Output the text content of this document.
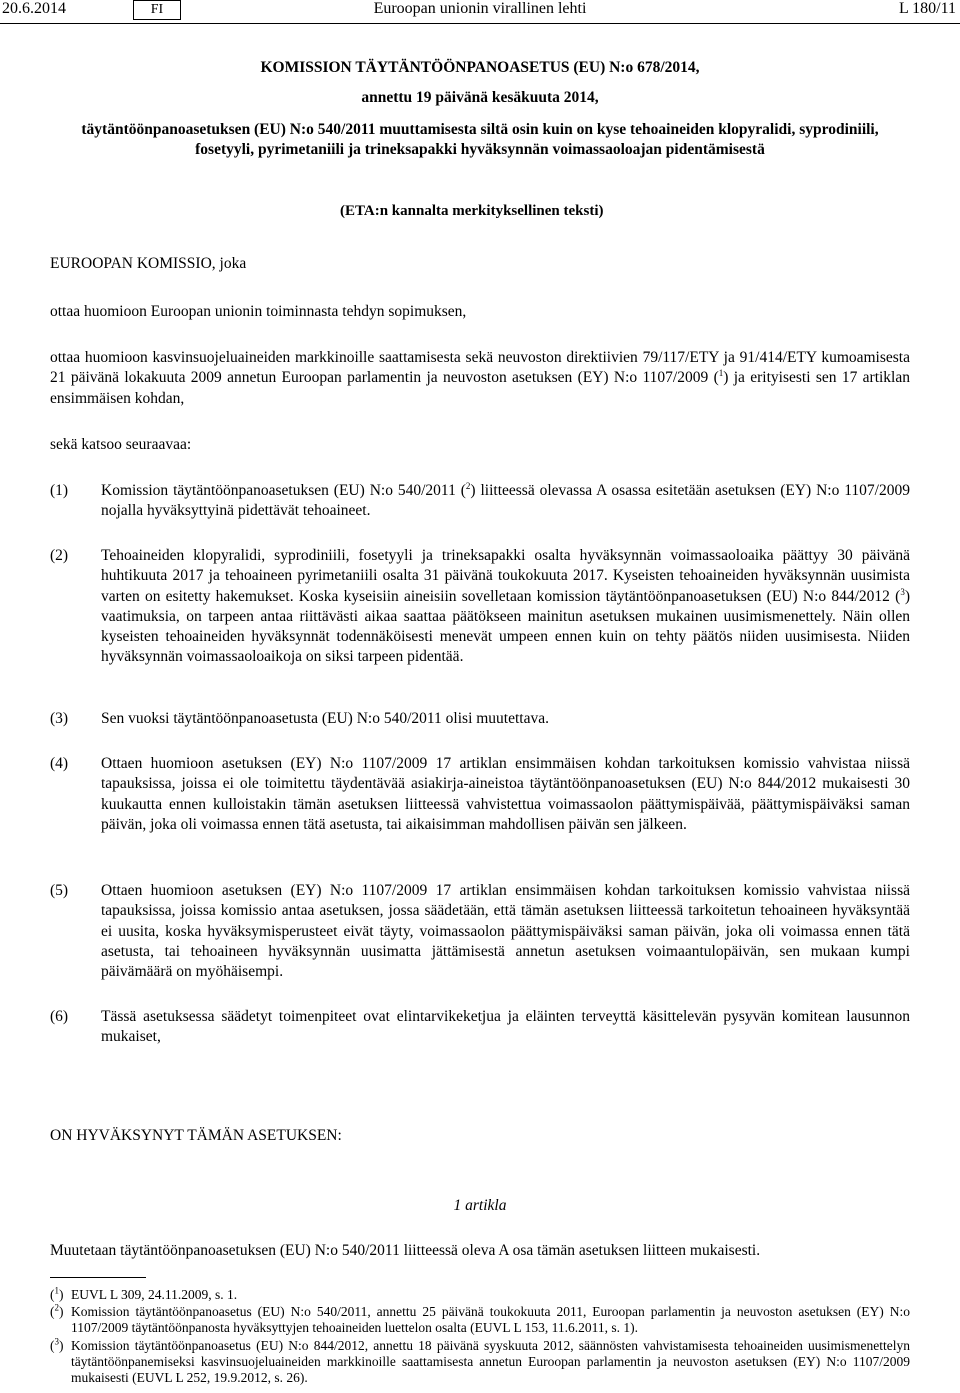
20.6.2014	FI	Euroopan unionin virallinen lehti	L 180/11
KOMISSION TÄYTÄNTÖÖNPANOASETUS (EU) N:o 678/2014,
annettu 19 päivänä kesäkuuta 2014,
täytäntöönpanoasetuksen (EU) N:o 540/2011 muuttamisesta siltä osin kuin on kyse tehoaineiden klopyralidi, syprodiniili, fosetyyli, pyrimetaniili ja trineksapakki hyväksynnän voimassaoloajan pidentämisestä
(ETA:n kannalta merkityksellinen teksti)
EUROOPAN KOMISSIO, joka
ottaa huomioon Euroopan unionin toiminnasta tehdyn sopimuksen,
ottaa huomioon kasvinsuojeluaineiden markkinoille saattamisesta sekä neuvoston direktiivien 79/117/ETY ja 91/414/ETY kumoamisesta 21 päivänä lokakuuta 2009 annetun Euroopan parlamentin ja neuvoston asetuksen (EY) N:o 1107/2009 ($^1$) ja erityisesti sen 17 artiklan ensimmäisen kohdan,
sekä katsoo seuraavaa:
(1) Komission täytäntöönpanoasetuksen (EU) N:o 540/2011 ($^2$) liitteessä olevassa A osassa esitetään asetuksen (EY) N:o 1107/2009 nojalla hyväksyttyinä pidettävät tehoaineet.
(2) Tehoaineiden klopyralidi, syprodiniili, fosetyyli ja trineksapakki osalta hyväksynnän voimassaoloaika päättyy 30 päivänä huhtikuuta 2017 ja tehoaineen pyrimetaniili osalta 31 päivänä toukokuuta 2017. Kyseisten tehoaineiden hyväksynnän uusimista varten on esitetty hakemukset. Koska kyseisiin aineisiin sovelletaan komission täytäntöönpanoasetuksen (EU) N:o 844/2012 ($^3$) vaatimuksia, on tarpeen antaa riittävästi aikaa saattaa päätökseen mainitun asetuksen mukainen uusimismenettely. Näin ollen kyseisten tehoaineiden hyväksynnät todennäköisesti menevät umpeen ennen kuin on tehty päätös niiden uusimisesta. Niiden hyväksynnän voimassaoloaikoja on siksi tarpeen pidentää.
(3) Sen vuoksi täytäntöönpanoasetusta (EU) N:o 540/2011 olisi muutettava.
(4) Ottaen huomioon asetuksen (EY) N:o 1107/2009 17 artiklan ensimmäisen kohdan tarkoituksen komissio vahvistaa niissä tapauksissa, joissa ei ole toimitettu täydentävää asiakirja-aineistoa täytäntöönpanoasetuksen (EU) N:o 844/2012 mukaisesti 30 kuukautta ennen kulloistakin tämän asetuksen liitteessä vahvistettua voimassaolon päättymispäivää, päättymispäiväksi saman päivän, joka oli voimassa ennen tätä asetusta, tai aikaisimman mahdollisen päivän sen jälkeen.
(5) Ottaen huomioon asetuksen (EY) N:o 1107/2009 17 artiklan ensimmäisen kohdan tarkoituksen komissio vahvistaa niissä tapauksissa, joissa komissio antaa asetuksen, jossa säädetään, että tämän asetuksen liitteessä tarkoitetun tehoaineen hyväksyntää ei uusita, koska hyväksymisperusteet eivät täyty, voimassaolon päättymispäiväksi saman päivän, joka oli voimassa ennen tätä asetusta, tai tehoaineen hyväksynnän uusimatta jättämisestä annetun asetuksen voimaantulopäivän, sen mukaan kumpi päivämäärä on myöhäisempi.
(6) Tässä asetuksessa säädetyt toimenpiteet ovat elintarvikeketjua ja eläinten terveyttä käsittelevän pysyvän komitean lausunnon mukaiset,
ON HYVÄKSYNYT TÄMÄN ASETUKSEN:
1 artikla
Muutetaan täytäntöönpanoasetuksen (EU) N:o 540/2011 liitteessä oleva A osa tämän asetuksen liitteen mukaisesti.
($^1$) EUVL L 309, 24.11.2009, s. 1.
($^2$) Komission täytäntöönpanoasetus (EU) N:o 540/2011, annettu 25 päivänä toukokuuta 2011, Euroopan parlamentin ja neuvoston asetuksen (EY) N:o 1107/2009 täytäntöönpanosta hyväksyttyjen tehoaineiden luettelon osalta (EUVL L 153, 11.6.2011, s. 1).
($^3$) Komission täytäntöönpanoasetus (EU) N:o 844/2012, annettu 18 päivänä syyskuuta 2012, säännösten vahvistamisesta tehoaineiden uusimismenettelyn täytäntöönpanemiseksi kasvinsuojeluaineiden markkinoille saattamisesta annetun Euroopan parlamentin ja neuvoston asetuksen (EY) N:o 1107/2009 mukaisesti (EUVL L 252, 19.9.2012, s. 26).
